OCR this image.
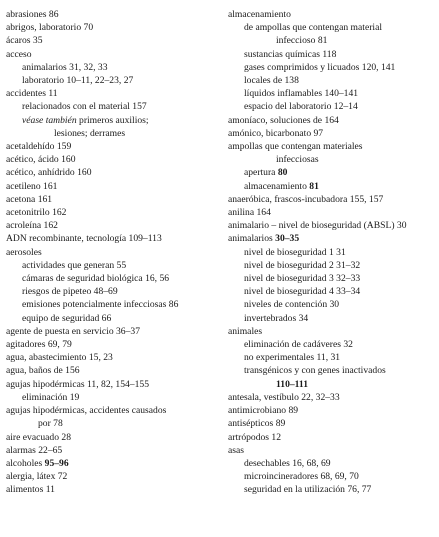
abrasiones 86
abrigos, laboratorio 70
ácaros 35
acceso
animalarios 31, 32, 33
laboratorio 10–11, 22–23, 27
accidentes 11
relacionados con el material 157
véase también primeros auxilios;
lesiones; derrames
acetaldehído 159
acético, ácido 160
acético, anhídrido 160
acetileno 161
acetona 161
acetonitrilo 162
acroleína 162
ADN recombinante, tecnología 109–113
aerosoles
actividades que generan 55
cámaras de seguridad biológica 16, 56
riesgos de pipeteo 48–69
emisiones potencialmente infecciosas 86
equipo de seguridad 66
agente de puesta en servicio 36–37
agitadores 69, 79
agua, abastecimiento 15, 23
agua, baños de 156
agujas hipodérmicas 11, 82, 154–155
eliminación 19
agujas hipodérmicas, accidentes causados
por 78
aire evacuado 28
alarmas 22–65
alcoholes 95–96
alergia, látex 72
alimentos 11
almacenamiento
de ampollas que contengan material
infeccioso 81
sustancias químicas 118
gases comprimidos y licuados 120, 141
locales de 138
líquidos inflamables 140–141
espacio del laboratorio 12–14
amoníaco, soluciones de 164
amónico, bicarbonato 97
ampollas que contengan materiales
infecciosas
apertura 80
almacenamiento 81
anaeróbica, frascos-incubadora 155, 157
anilina 164
animalario – nivel de bioseguridad (ABSL) 30
animalarios 30–35
nivel de bioseguridad 1 31
nivel de bioseguridad 2 31–32
nivel de bioseguridad 3 32–33
nivel de bioseguridad 4 33–34
niveles de contención 30
invertebrados 34
animales
eliminación de cadáveres 32
no experimentales 11, 31
transgénicos y con genes inactivados
110–111
antesala, vestíbulo 22, 32–33
antimicrobiano 89
antisépticos 89
artrópodos 12
asas
desechables 16, 68, 69
microincineradores 68, 69, 70
seguridad en la utilización 76, 77
